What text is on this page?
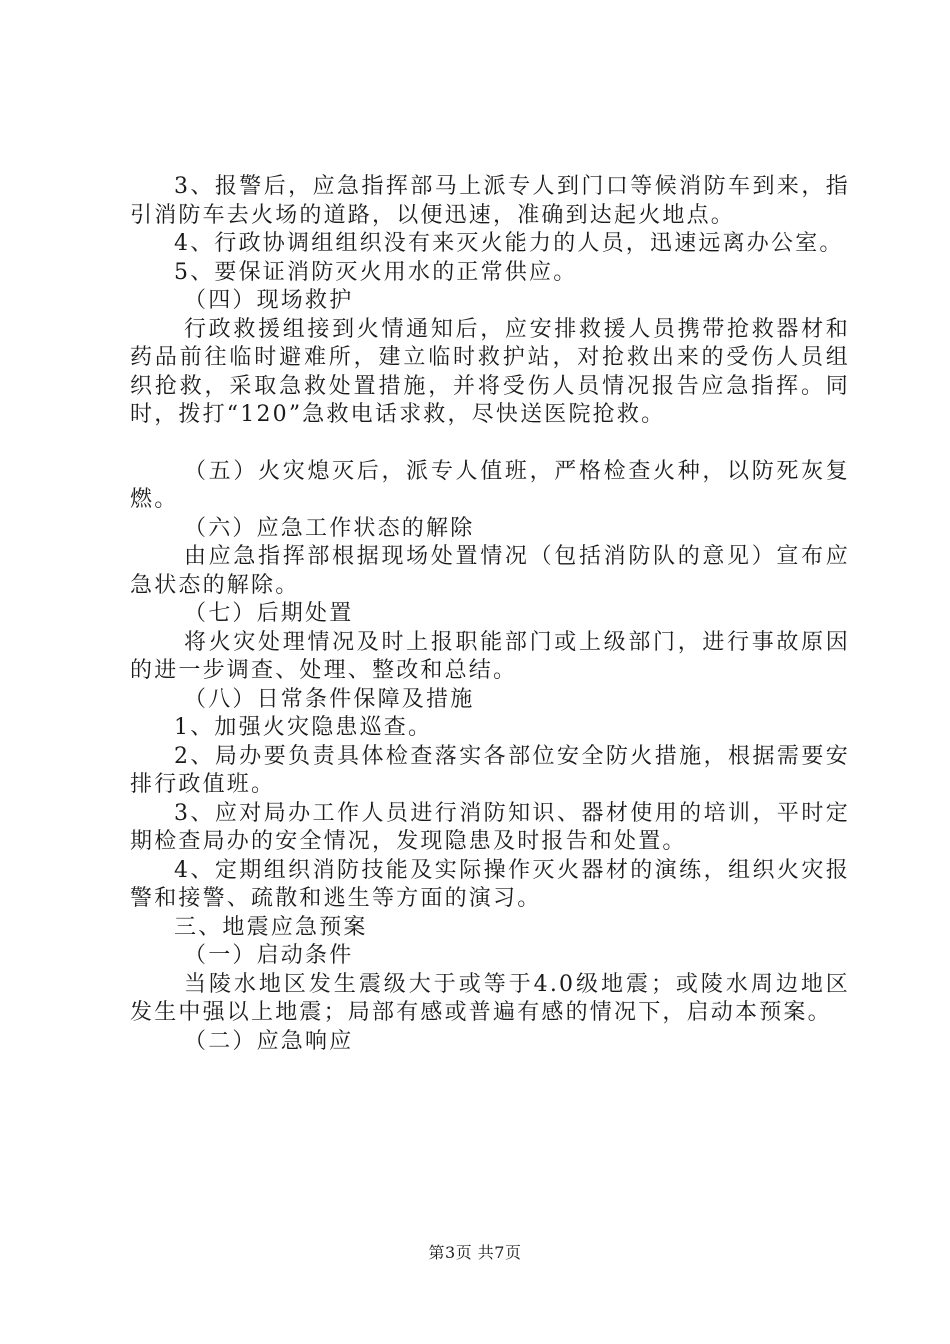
3、报警后，应急指挥部马上派专人到门口等候消防车到来，指引消防车去火场的道路，以便迅速，准确到达起火地点。

4、行政协调组组织没有来灭火能力的人员，迅速远离办公室。

5、要保证消防灭火用水的正常供应。

（四）现场救护

行政救援组接到火情通知后，应安排救援人员携带抢救器材和药品前往临时避难所，建立临时救护站，对抢救出来的受伤人员组织抢救，采取急救处置措施，并将受伤人员情况报告应急指挥。同时，拨打“120”急救电话求救，尽快送医院抢救。

（五）火灾熄灭后，派专人值班，严格检查火种，以防死灰复燃。

（六）应急工作状态的解除

由应急指挥部根据现场处置情况（包括消防队的意见）宣布应急状态的解除。

（七）后期处置

将火灾处理情况及时上报职能部门或上级部门，进行事故原因的进一步调查、处理、整改和总结。

（八）日常条件保障及措施

1、加强火灾隐患巡查。

2、局办要负责具体检查落实各部位安全防火措施，根据需要安排行政值班。

3、应对局办工作人员进行消防知识、器材使用的培训，平时定期检查局办的安全情况，发现隐患及时报告和处置。

4、定期组织消防技能及实际操作灭火器材的演练，组织火灾报警和接警、疏散和逃生等方面的演习。

三、地震应急预案

（一）启动条件

当陵水地区发生震级大于或等于4.0级地震；或陵水周边地区发生中强以上地震；局部有感或普遍有感的情况下，启动本预案。

（二）应急响应

第3页 共7页
